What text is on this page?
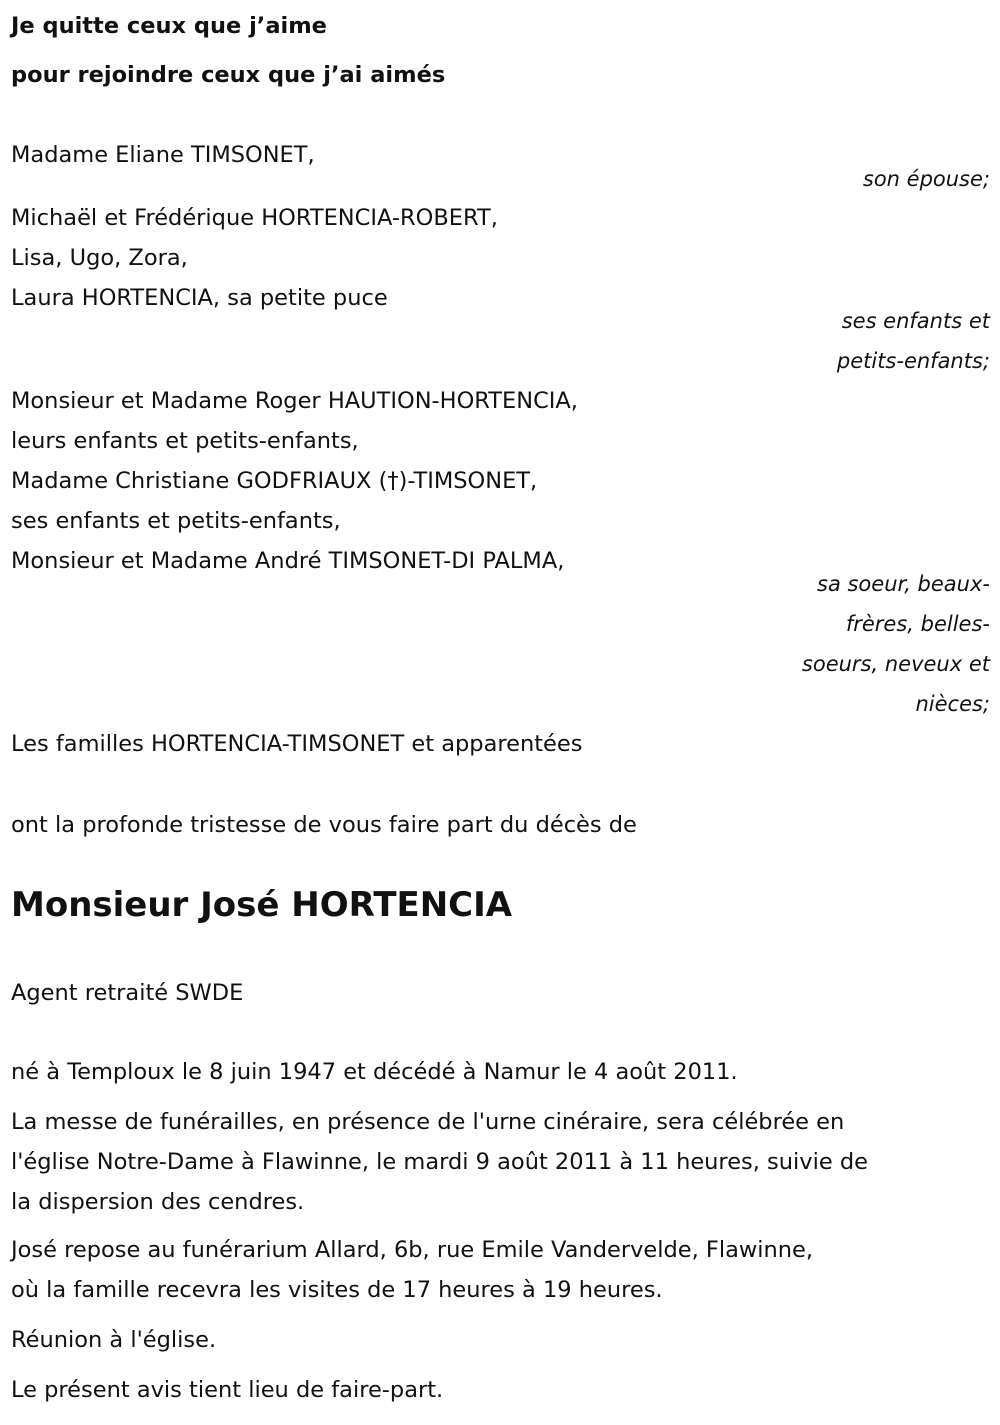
Je quitte ceux que j’aime
pour rejoindre ceux que j’ai aimés
Madame Eliane TIMSONET,
son épouse;
Michaël et Frédérique HORTENCIA-ROBERT,
Lisa, Ugo, Zora,
Laura HORTENCIA, sa petite puce
ses enfants et
petits-enfants;
Monsieur et Madame Roger HAUTION-HORTENCIA,
leurs enfants et petits-enfants,
Madame Christiane GODFRIAUX (†)-TIMSONET,
ses enfants et petits-enfants,
Monsieur et Madame André TIMSONET-DI PALMA,
sa soeur, beaux-
frères, belles-
soeurs, neveux et
nièces;
Les familles HORTENCIA-TIMSONET et apparentées
ont la profonde tristesse de vous faire part du décès de
Monsieur José HORTENCIA
Agent retraité SWDE
né à Temploux le 8 juin 1947 et décédé à Namur le 4 août 2011.
La messe de funérailles, en présence de l'urne cinéraire, sera célébrée en
l'église Notre-Dame à Flawinne, le mardi 9 août 2011 à 11 heures, suivie de
la dispersion des cendres.
José repose au funérarium Allard, 6b, rue Emile Vandervelde, Flawinne,
où la famille recevra les visites de 17 heures à 19 heures.
Réunion à l'église.
Le présent avis tient lieu de faire-part.
